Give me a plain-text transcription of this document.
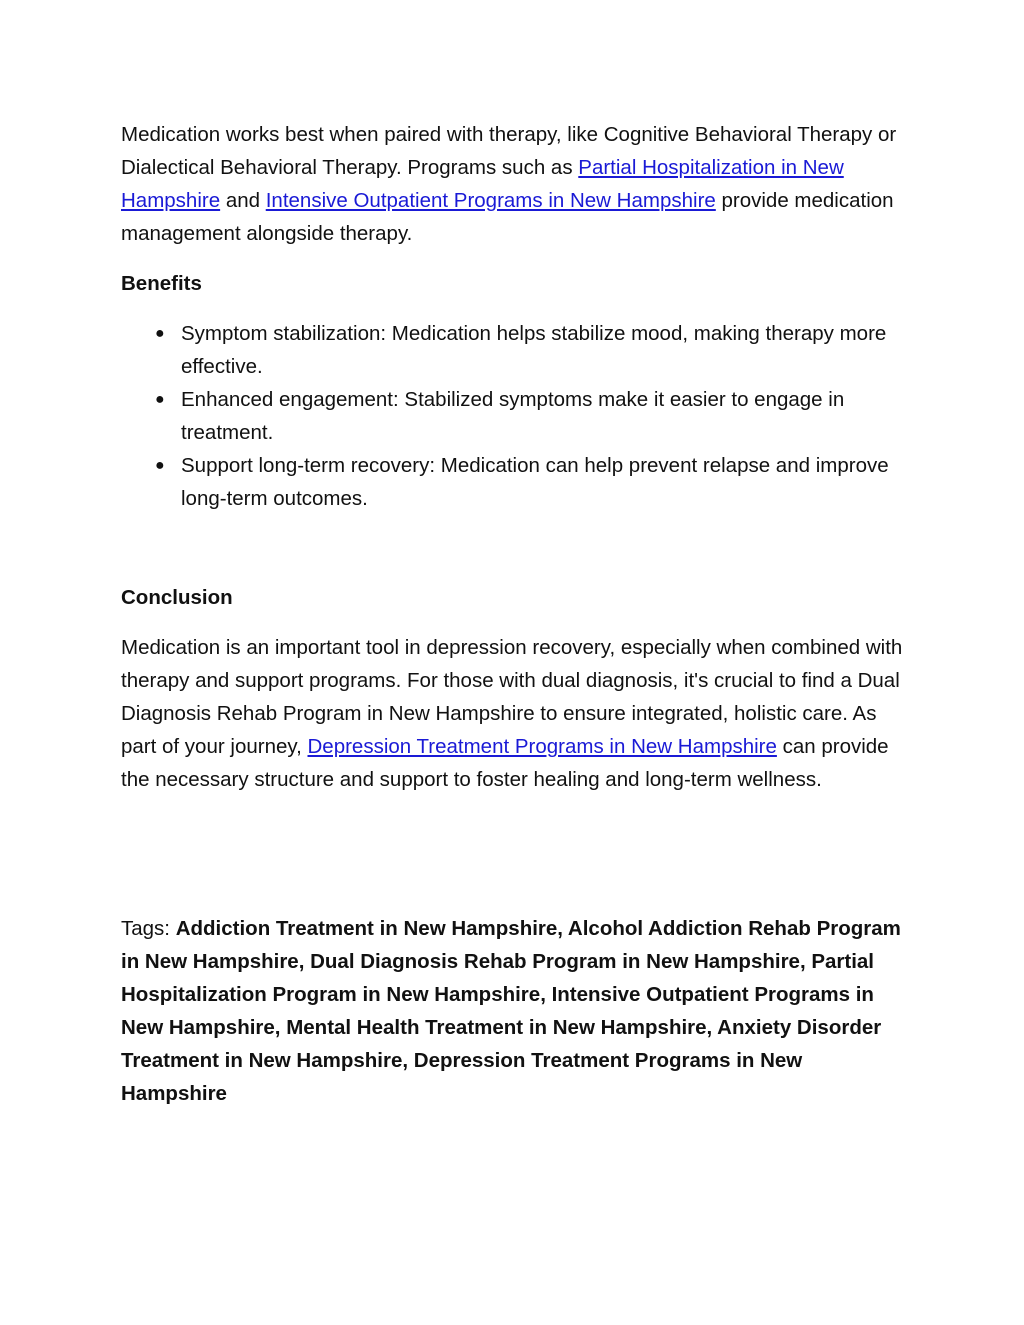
Medication works best when paired with therapy, like Cognitive Behavioral Therapy or Dialectical Behavioral Therapy. Programs such as Partial Hospitalization in New Hampshire and Intensive Outpatient Programs in New Hampshire provide medication management alongside therapy.

Benefits

● Symptom stabilization: Medication helps stabilize mood, making therapy more effective.
● Enhanced engagement: Stabilized symptoms make it easier to engage in treatment.
● Support long-term recovery: Medication can help prevent relapse and improve long-term outcomes.

Conclusion

Medication is an important tool in depression recovery, especially when combined with therapy and support programs. For those with dual diagnosis, it's crucial to find a Dual Diagnosis Rehab Program in New Hampshire to ensure integrated, holistic care. As part of your journey, Depression Treatment Programs in New Hampshire can provide the necessary structure and support to foster healing and long-term wellness.

Tags: Addiction Treatment in New Hampshire, Alcohol Addiction Rehab Program in New Hampshire, Dual Diagnosis Rehab Program in New Hampshire, Partial Hospitalization Program in New Hampshire, Intensive Outpatient Programs in New Hampshire, Mental Health Treatment in New Hampshire, Anxiety Disorder Treatment in New Hampshire, Depression Treatment Programs in New Hampshire
